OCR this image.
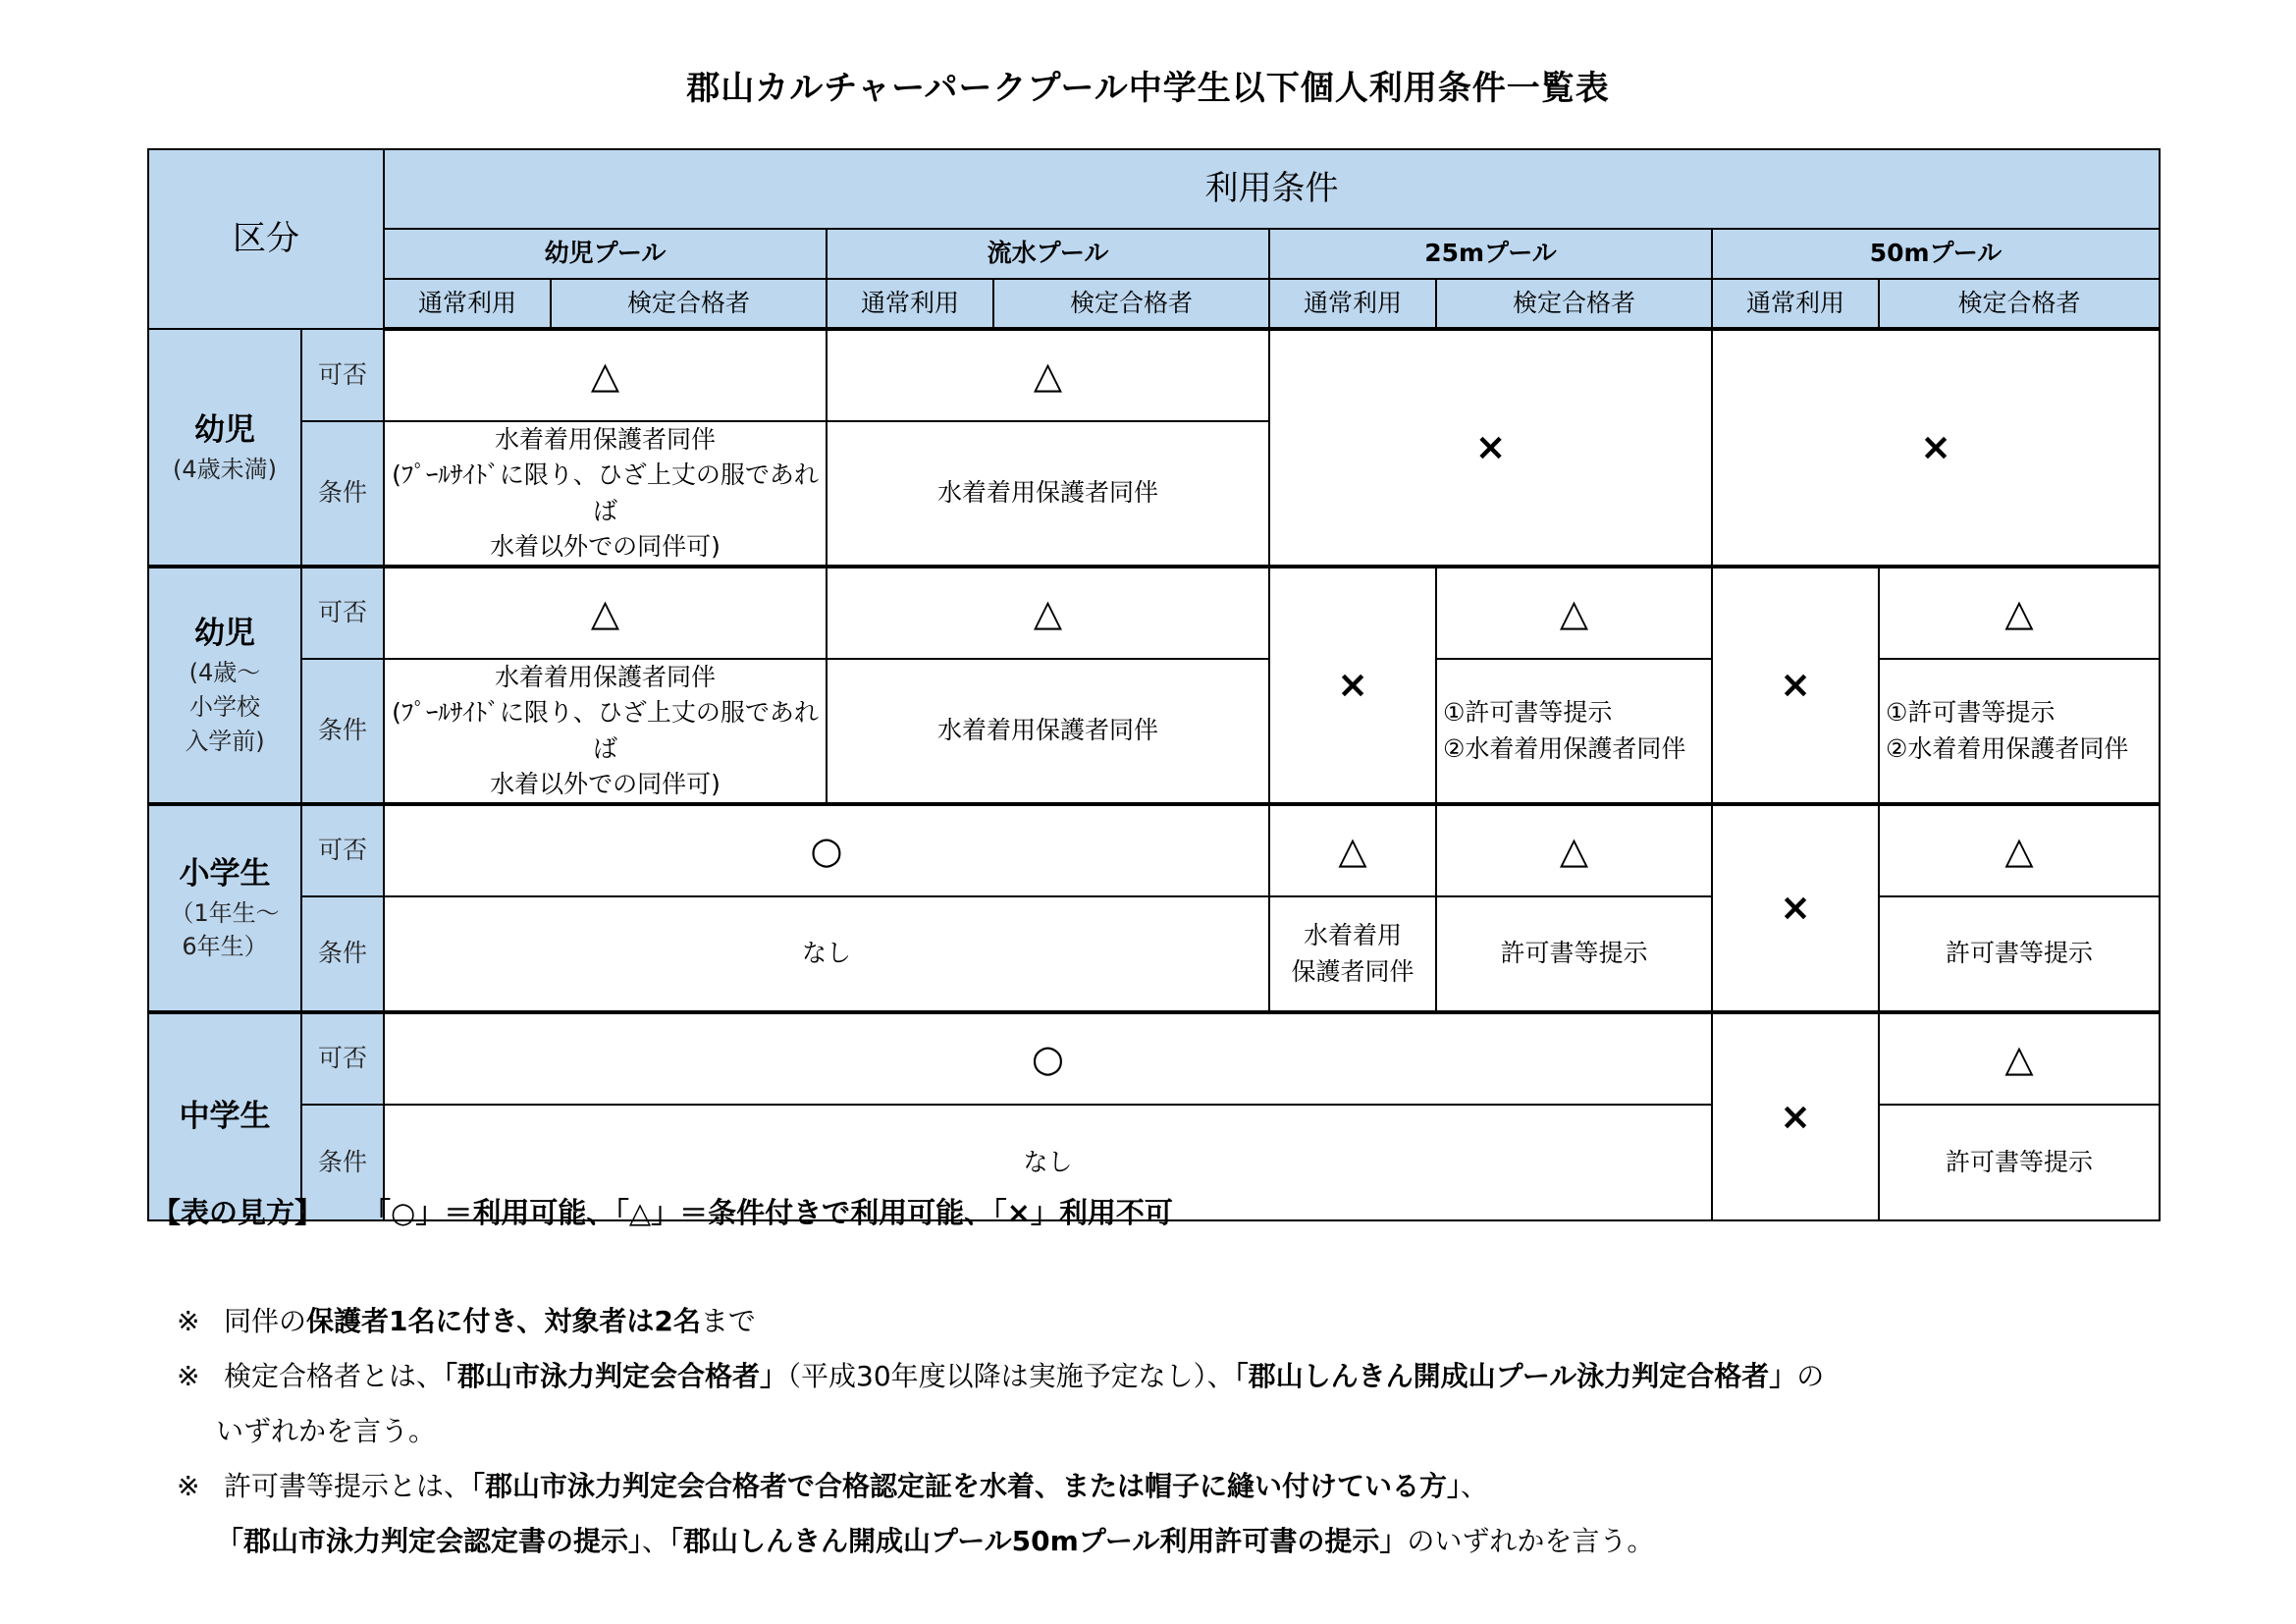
郡山カルチャーパークプール中学生以下個人利用条件一覧表
区分		利用条件							
		幼児プール		流水プール		25mプール		50mプール	
		通常利用	検定合格者	通常利用	検定合格者	通常利用	検定合格者	通常利用	検定合格者

幼児
(4歳未満)	可否	△		△		×		×	
	条件	水着着用保護者同伴
(ﾌﾟｰﾙｻｲﾄﾞに限り、ひざ上丈の服であれば
水着以外での同伴可)		水着着用保護者同伴					

幼児
(4歳～
小学校
入学前)	可否	△		△		×	△	×	△
	条件	水着着用保護者同伴
(ﾌﾟｰﾙｻｲﾄﾞに限り、ひざ上丈の服であれば
水着以外での同伴可)		水着着用保護者同伴			①許可書等提示
②水着着用保護者同伴		①許可書等提示
②水着着用保護者同伴

小学生
（1年生～
6年生）	可否	○				△	△	×	△
	条件	なし				水着着用
保護者同伴	許可書等提示		許可書等提示

中学生	可否	○						×	△
	条件	なし							許可書等提示
【表の見方】 「○」＝利用可能、「△」＝条件付きで利用可能、「×」利用不可
※ 同伴の保護者1名に付き、対象者は2名まで
※ 検定合格者とは、「郡山市泳力判定会合格者」（平成30年度以降は実施予定なし）、「郡山しんきん開成山プール泳力判定合格者」の
いずれかを言う。
※ 許可書等提示とは、「郡山市泳力判定会合格者で合格認定証を水着、または帽子に縫い付けている方」、
「郡山市泳力判定会認定書の提示」、「郡山しんきん開成山プール50mプール利用許可書の提示」のいずれかを言う。
